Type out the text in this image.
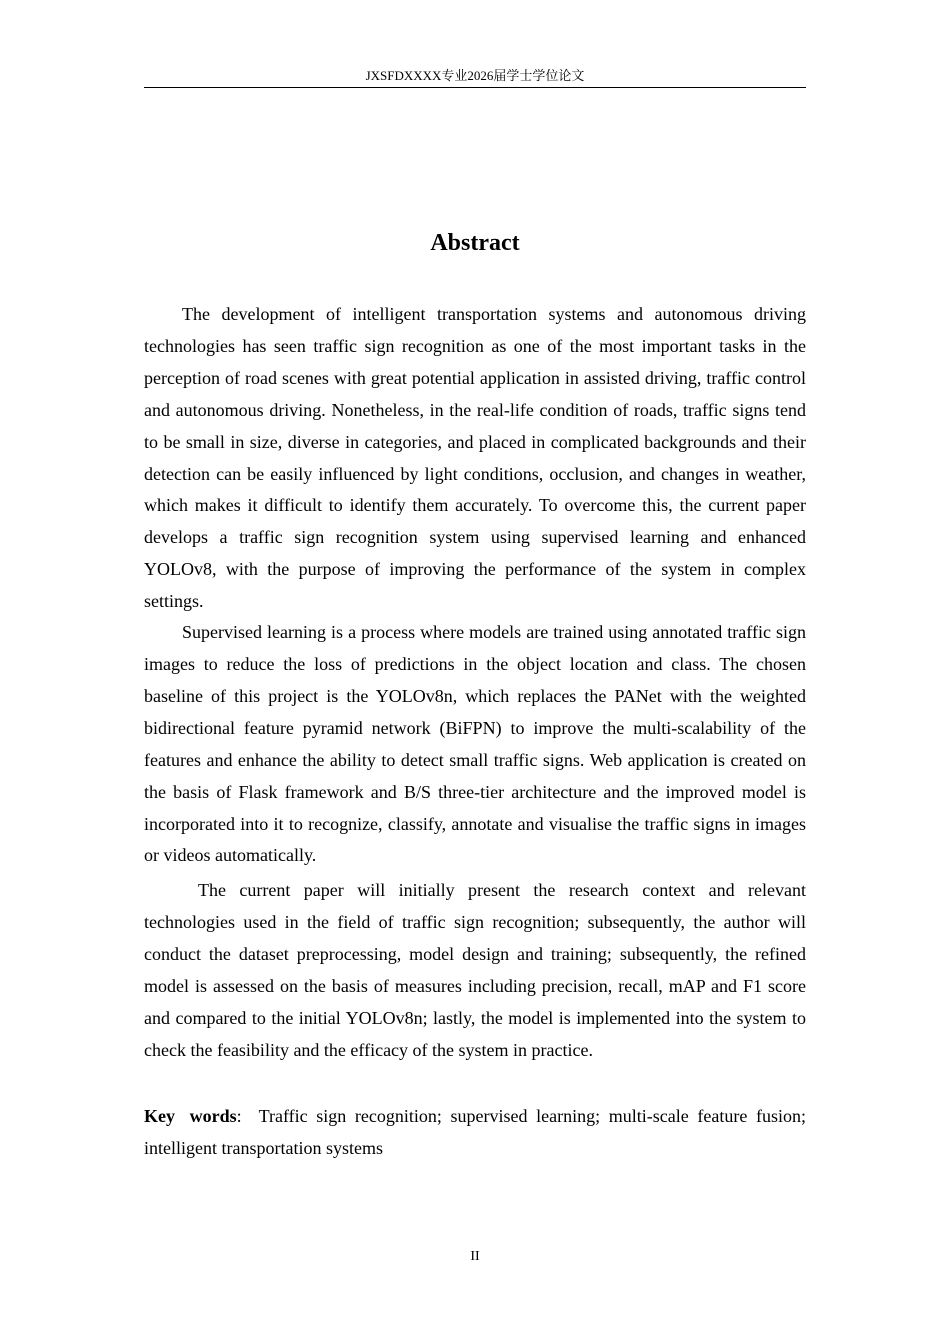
JXSFDXXXX专业2026届学士学位论文
Abstract

The development of intelligent transportation systems and autonomous driving technologies has seen traffic sign recognition as one of the most important tasks in the perception of road scenes with great potential application in assisted driving, traffic control and autonomous driving. Nonetheless, in the real-life condition of roads, traffic signs tend to be small in size, diverse in categories, and placed in complicated backgrounds and their detection can be easily influenced by light conditions, occlusion, and changes in weather, which makes it difficult to identify them accurately. To overcome this, the current paper develops a traffic sign recognition system using supervised learning and enhanced YOLOv8, with the purpose of improving the performance of the system in complex settings.

Supervised learning is a process where models are trained using annotated traffic sign images to reduce the loss of predictions in the object location and class. The chosen baseline of this project is the YOLOv8n, which replaces the PANet with the weighted bidirectional feature pyramid network (BiFPN) to improve the multi-scalability of the features and enhance the ability to detect small traffic signs. Web application is created on the basis of Flask framework and B/S three-tier architecture and the improved model is incorporated into it to recognize, classify, annotate and visualise the traffic signs in images or videos automatically.

The current paper will initially present the research context and relevant technologies used in the field of traffic sign recognition; subsequently, the author will conduct the dataset preprocessing, model design and training; subsequently, the refined model is assessed on the basis of measures including precision, recall, mAP and F1 score and compared to the initial YOLOv8n; lastly, the model is implemented into the system to check the feasibility and the efficacy of the system in practice.

Key words: Traffic sign recognition; supervised learning; multi-scale feature fusion; intelligent transportation systems

II
